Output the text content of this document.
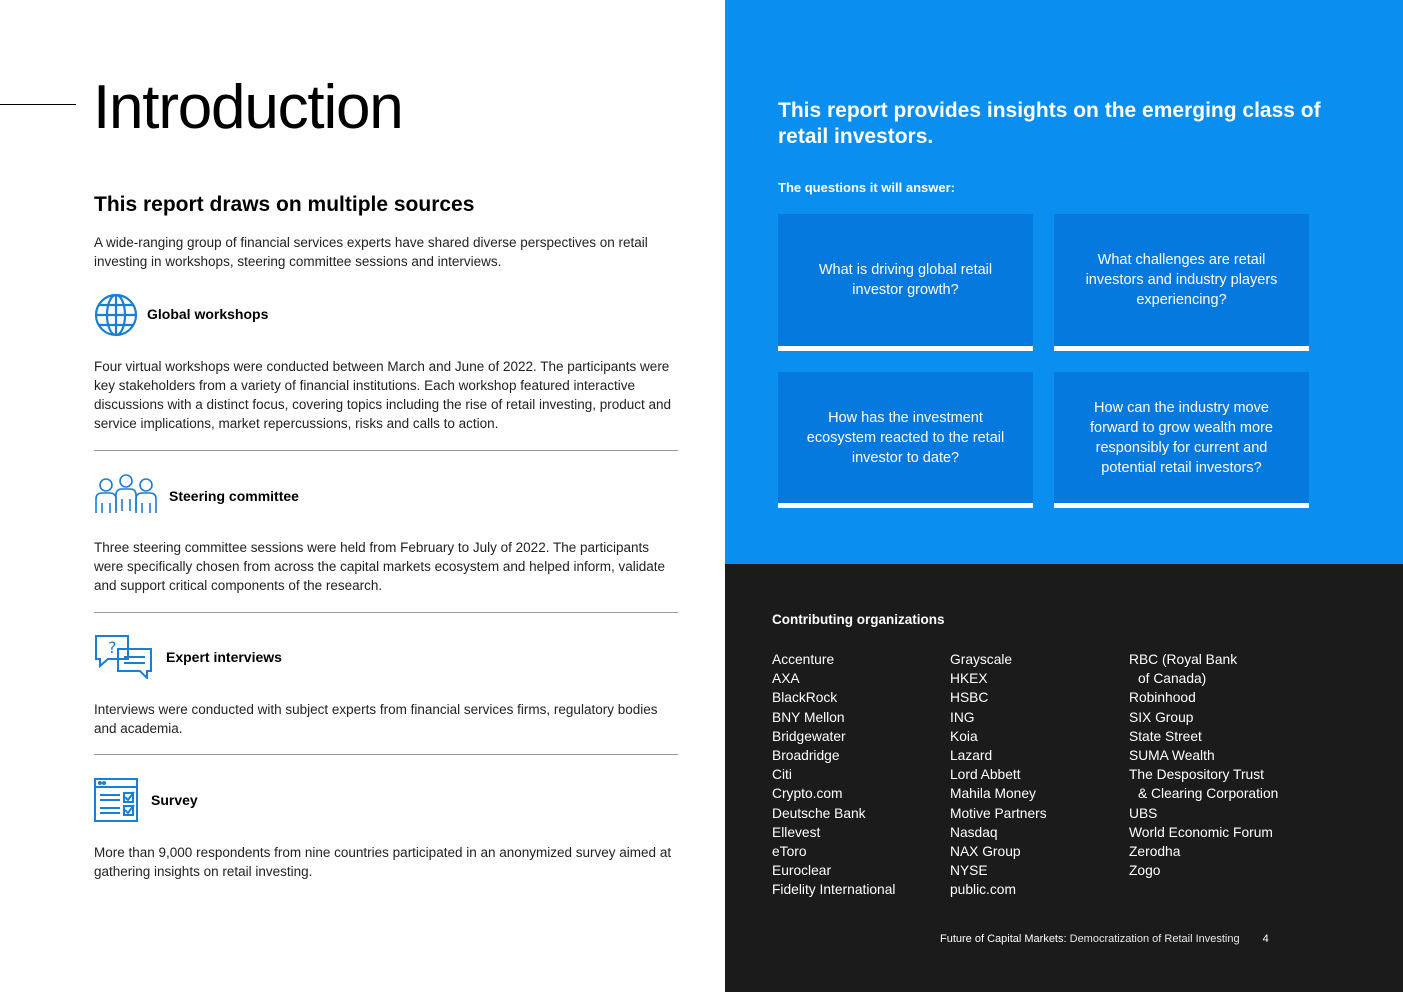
Introduction
This report draws on multiple sources

A wide-ranging group of financial services experts have shared diverse perspectives on retail investing in workshops, steering committee sessions and interviews.

Global workshops

Four virtual workshops were conducted between March and June of 2022. The participants were key stakeholders from a variety of financial institutions. Each workshop featured interactive discussions with a distinct focus, covering topics including the rise of retail investing, product and service implications, market repercussions, risks and calls to action.

Steering committee

Three steering committee sessions were held from February to July of 2022. The participants were specifically chosen from across the capital markets ecosystem and helped inform, validate and support critical components of the research.

?	Expert interviews

Interviews were conducted with subject experts from financial services firms, regulatory bodies and academia.

Survey

More than 9,000 respondents from nine countries participated in an anonymized survey aimed at gathering insights on retail investing.

This report provides insights on the emerging class of retail investors.
The questions it will answer:
What is driving global retail investor growth?
What challenges are retail investors and industry players experiencing?
How has the investment ecosystem reacted to the retail investor to date?
How can the industry move forward to grow wealth more responsibly for current and potential retail investors?
Contributing organizations
Accenture
AXA
BlackRock
BNY Mellon
Bridgewater
Broadridge
Citi
Crypto.com
Deutsche Bank
Ellevest
eToro
Euroclear
Fidelity International
Grayscale
HKEX
HSBC
ING
Koia
Lazard
Lord Abbett
Mahila Money
Motive Partners
Nasdaq
NAX Group
NYSE
public.com
RBC (Royal Bank
of Canada)
Robinhood
SIX Group
State Street
SUMA Wealth
The Despository Trust
& Clearing Corporation
UBS
World Economic Forum
Zerodha
Zogo
Future of Capital Markets: Democratization of Retail Investing 4
